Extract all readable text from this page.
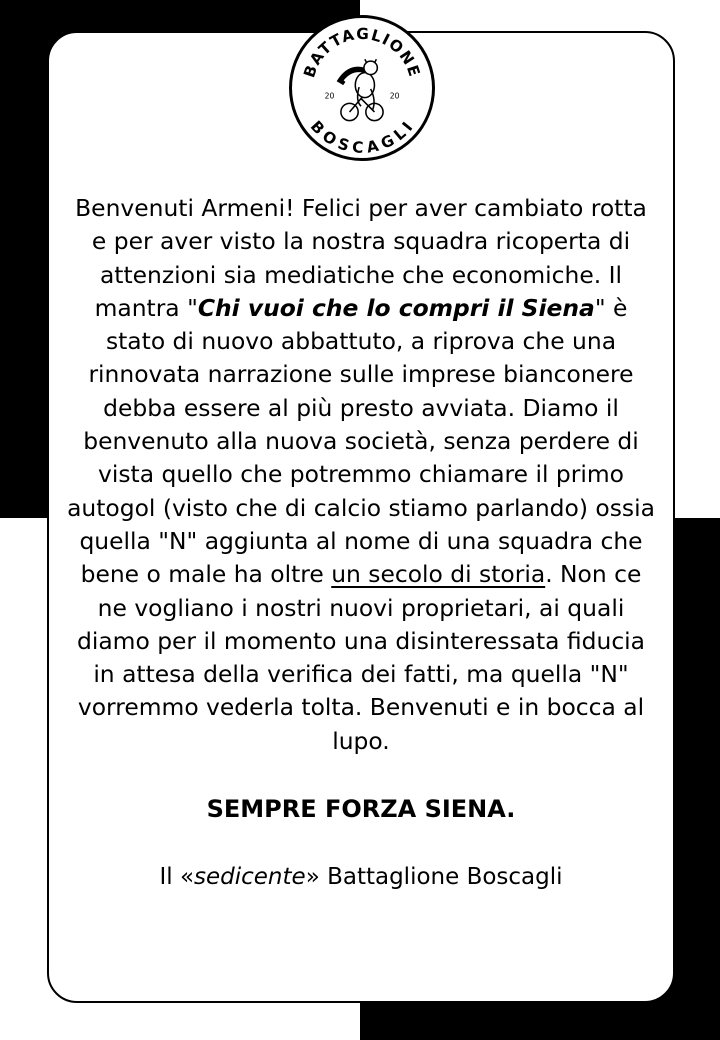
BATTAGLIONE
BOSCAGLI
20	20
Benvenuti Armeni! Felici per aver cambiato rotta e per aver visto la nostra squadra ricoperta di attenzioni sia mediatiche che economiche. Il mantra "Chi vuoi che lo compri il Siena" è stato di nuovo abbattuto, a riprova che una rinnovata narrazione sulle imprese bianconere debba essere al più presto avviata. Diamo il benvenuto alla nuova società, senza perdere di vista quello che potremmo chiamare il primo autogol (visto che di calcio stiamo parlando) ossia quella "N" aggiunta al nome di una squadra che bene o male ha oltre un secolo di storia. Non ce ne vogliano i nostri nuovi proprietari, ai quali diamo per il momento una disinteressata fiducia in attesa della verifica dei fatti, ma quella "N" vorremmo vederla tolta. Benvenuti e in bocca al lupo.
SEMPRE FORZA SIENA.
Il «sedicente» Battaglione Boscagli
